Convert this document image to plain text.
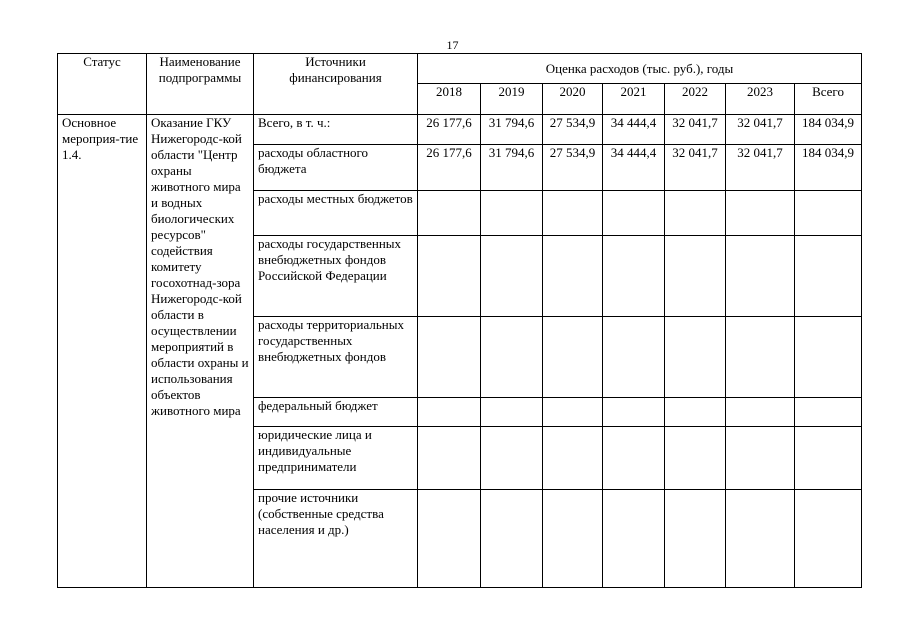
17
Статус	Наименование подпрограммы	Источники финансирования	Оценка расходов (тыс. руб.), годы						
			2018	2019	2020	2021	2022	2023	Всего
Основное мероприя-тие 1.4.	Оказание ГКУ Нижегородс-кой области "Центр охраны животного мира и водных биологических ресурсов" содействия комитету госохотнад-зора Нижегородс-кой области в осуществлении мероприятий в области охраны и использования объектов животного мира	Всего, в т. ч.:	26 177,6	31 794,6	27 534,9	34 444,4	32 041,7	32 041,7	184 034,9
		расходы областного бюджета	26 177,6	31 794,6	27 534,9	34 444,4	32 041,7	32 041,7	184 034,9
		расходы местных бюджетов							
		расходы государственных внебюджетных фондов Российской Федерации							
		расходы территориальных государственных внебюджетных фондов							
		федеральный бюджет							
		юридические лица и индивидуальные предприниматели							
		прочие источники (собственные средства населения и др.)							
